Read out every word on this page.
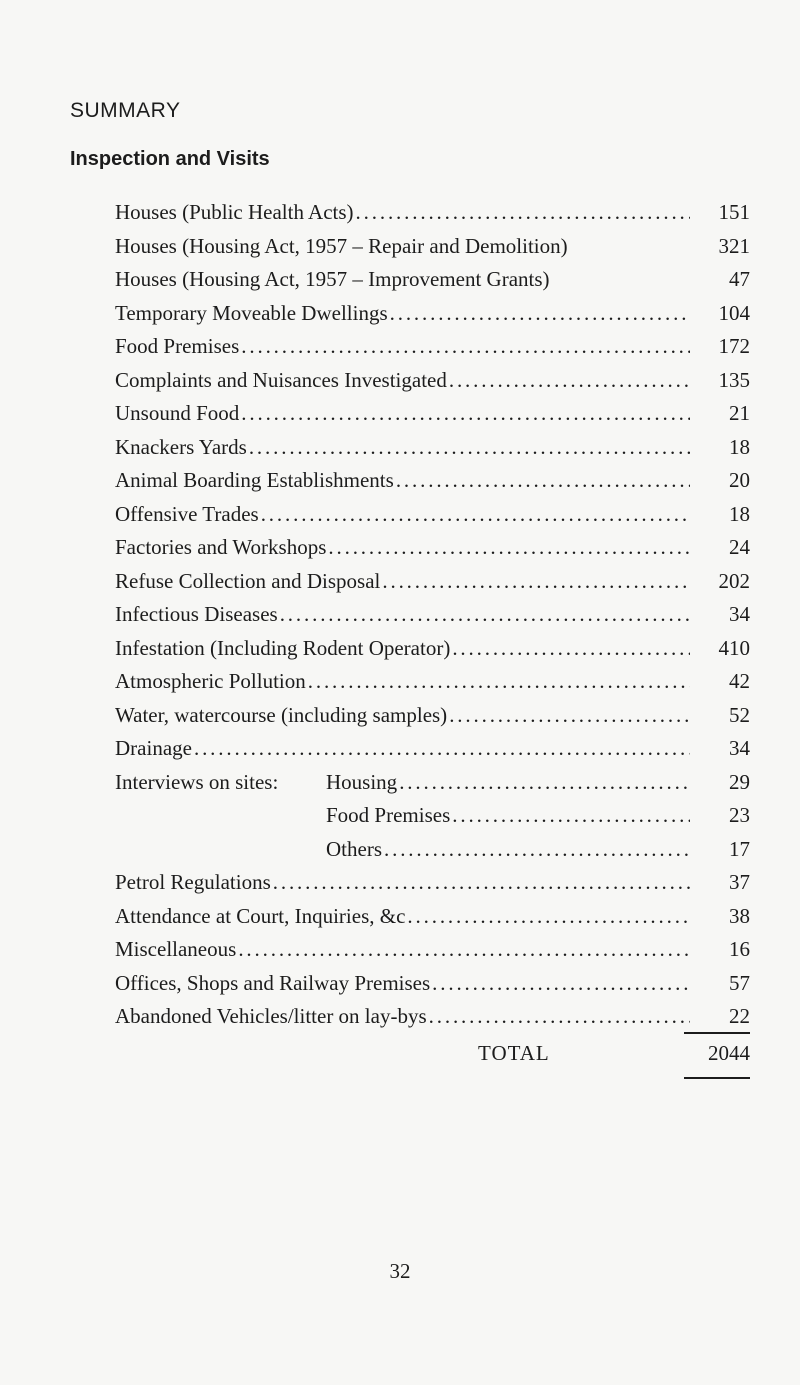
SUMMARY
Inspection and Visits
Houses (Public Health Acts) . . .	151
Houses (Housing Act, 1957 – Repair and Demolition)	321
Houses (Housing Act, 1957 – Improvement Grants)	47
Temporary Moveable Dwellings . . .	104
Food Premises . . .	172
Complaints and Nuisances Investigated . . .	135
Unsound Food . . .	21
Knackers Yards . . .	18
Animal Boarding Establishments . . .	20
Offensive Trades . . .	18
Factories and Workshops . . .	24
Refuse Collection and Disposal . . .	202
Infectious Diseases . . .	34
Infestation (Including Rodent Operator) . . .	410
Atmospheric Pollution . . .	42
Water, watercourse (including samples) . . .	52
Drainage . . .	34
Interviews on sites: Housing . . .	29
Food Premises . . .	23
Others . . .	17
Petrol Regulations . . .	37
Attendance at Court, Inquiries, &c . . .	38
Miscellaneous . . .	16
Offices, Shops and Railway Premises . . .	57
Abandoned Vehicles/litter on lay-bys . . .	22
TOTAL	2044
32
